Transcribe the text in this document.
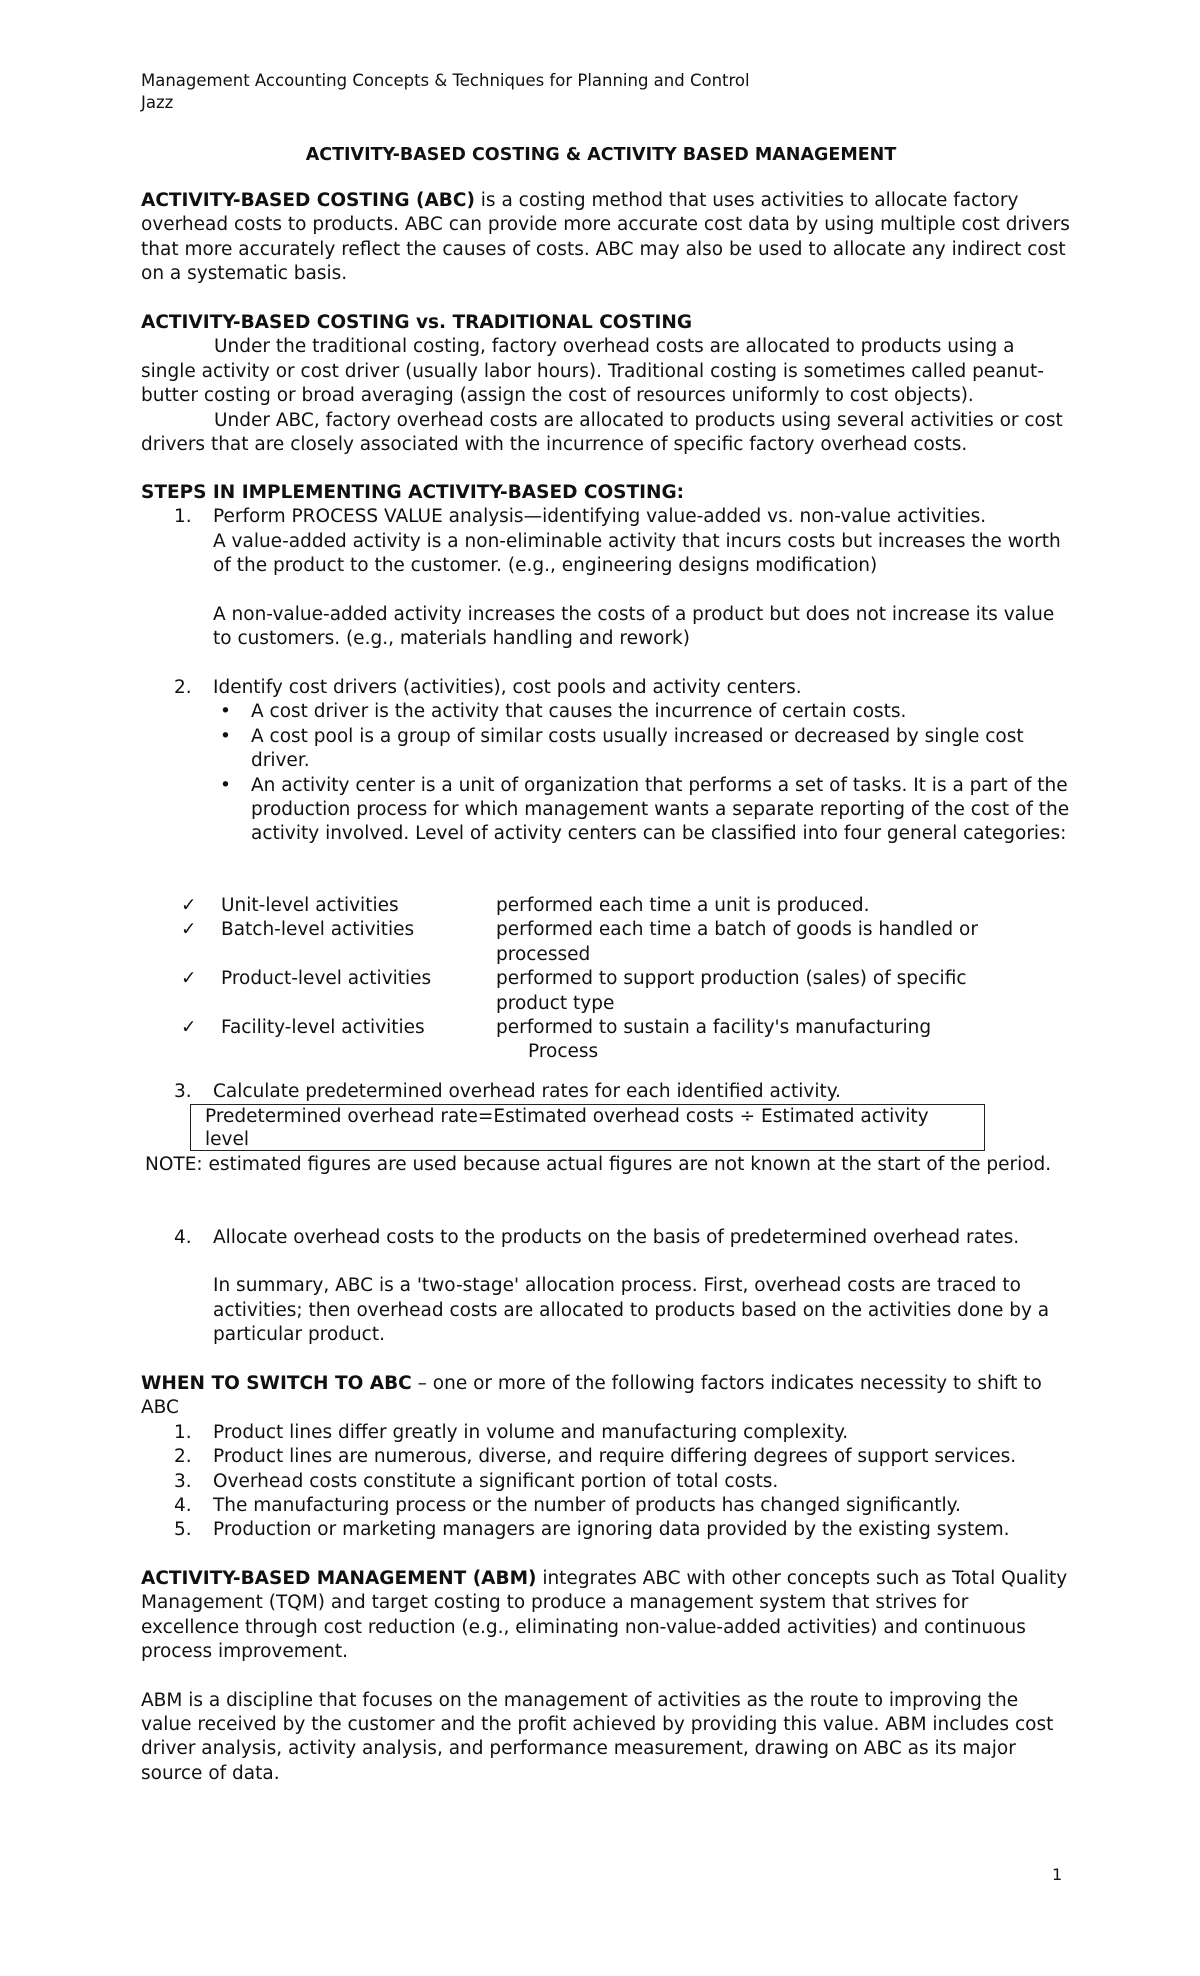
Management Accounting Concepts & Techniques for Planning and Control
Jazz
ACTIVITY-BASED COSTING & ACTIVITY BASED MANAGEMENT

ACTIVITY-BASED COSTING (ABC) is a costing method that uses activities to allocate factory overhead costs to products. ABC can provide more accurate cost data by using multiple cost drivers that more accurately reflect the causes of costs. ABC may also be used to allocate any indirect cost on a systematic basis.

ACTIVITY-BASED COSTING vs. TRADITIONAL COSTING

Under the traditional costing, factory overhead costs are allocated to products using a single activity or cost driver (usually labor hours). Traditional costing is sometimes called peanut-butter costing or broad averaging (assign the cost of resources uniformly to cost objects).

Under ABC, factory overhead costs are allocated to products using several activities or cost drivers that are closely associated with the incurrence of specific factory overhead costs.

STEPS IN IMPLEMENTING ACTIVITY-BASED COSTING:

1. Perform PROCESS VALUE analysis—identifying value-added vs. non-value activities.

A value-added activity is a non-eliminable activity that incurs costs but increases the worth of the product to the customer. (e.g., engineering designs modification)

A non-value-added activity increases the costs of a product but does not increase its value to customers. (e.g., materials handling and rework)

2. Identify cost drivers (activities), cost pools and activity centers.

• A cost driver is the activity that causes the incurrence of certain costs.
• A cost pool is a group of similar costs usually increased or decreased by single cost driver.
• An activity center is a unit of organization that performs a set of tasks. It is a part of the production process for which management wants a separate reporting of the cost of the activity involved. Level of activity centers can be classified into four general categories:
✓ Unit-level activities	performed each time a unit is produced.
✓ Batch-level activities	performed each time a batch of goods is handled or processed
✓ Product-level activities	performed to support production (sales) of specific product type
✓ Facility-level activities	performed to sustain a facility's manufacturing
Process
3. Calculate predetermined overhead rates for each identified activity.

Predetermined overhead rate=Estimated overhead costs ÷ Estimated activity level
NOTE: estimated figures are used because actual figures are not known at the start of the period.
4. Allocate overhead costs to the products on the basis of predetermined overhead rates.

In summary, ABC is a 'two-stage' allocation process. First, overhead costs are traced to activities; then overhead costs are allocated to products based on the activities done by a particular product.

WHEN TO SWITCH TO ABC – one or more of the following factors indicates necessity to shift to ABC

1. Product lines differ greatly in volume and manufacturing complexity.
2. Product lines are numerous, diverse, and require differing degrees of support services.
3. Overhead costs constitute a significant portion of total costs.
4. The manufacturing process or the number of products has changed significantly.
5. Production or marketing managers are ignoring data provided by the existing system.

ACTIVITY-BASED MANAGEMENT (ABM) integrates ABC with other concepts such as Total Quality Management (TQM) and target costing to produce a management system that strives for excellence through cost reduction (e.g., eliminating non-value-added activities) and continuous process improvement.

ABM is a discipline that focuses on the management of activities as the route to improving the value received by the customer and the profit achieved by providing this value. ABM includes cost driver analysis, activity analysis, and performance measurement, drawing on ABC as its major source of data.

1
